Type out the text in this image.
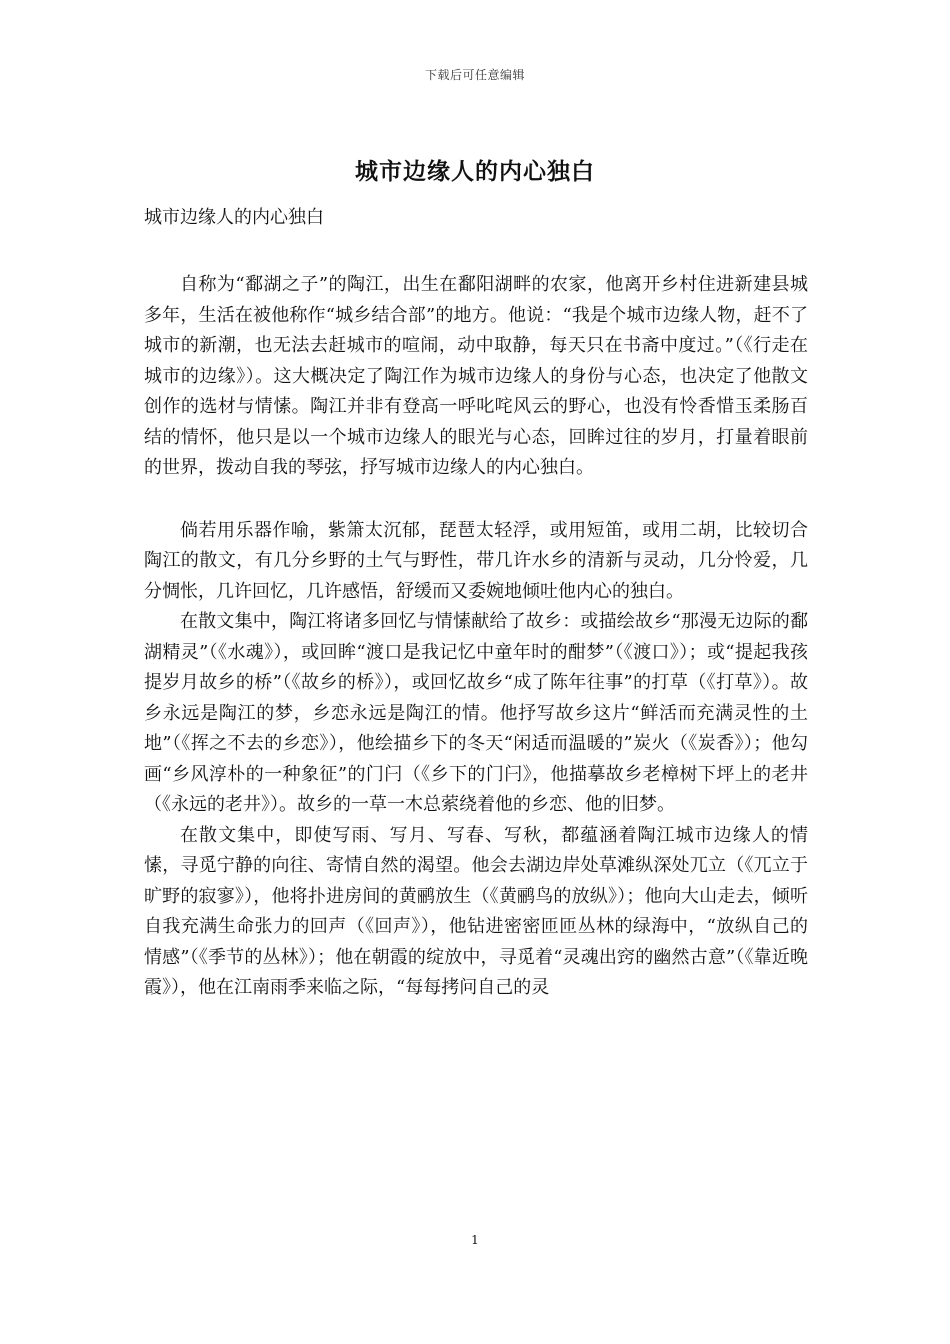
下载后可任意编辑
城市边缘人的内心独白

城市边缘人的内心独白

自称为“鄱湖之子”的陶江，出生在鄱阳湖畔的农家，他离开乡村住进新建县城多年，生活在被他称作“城乡结合部”的地方。他说：“我是个城市边缘人物，赶不了城市的新潮，也无法去赶城市的喧闹，动中取静，每天只在书斋中度过。”（《行走在城市的边缘》）。这大概决定了陶江作为城市边缘人的身份与心态，也决定了他散文创作的选材与情愫。陶江并非有登高一呼叱咤风云的野心，也没有怜香惜玉柔肠百结的情怀，他只是以一个城市边缘人的眼光与心态，回眸过往的岁月，打量着眼前的世界，拨动自我的琴弦，抒写城市边缘人的内心独白。

倘若用乐器作喻，紫箫太沉郁，琵琶太轻浮，或用短笛，或用二胡，比较切合陶江的散文，有几分乡野的土气与野性，带几许水乡的清新与灵动，几分怜爱，几分惆怅，几许回忆，几许感悟，舒缓而又委婉地倾吐他内心的独白。

在散文集中，陶江将诸多回忆与情愫献给了故乡：或描绘故乡“那漫无边际的鄱湖精灵”（《水魂》），或回眸“渡口是我记忆中童年时的酣梦”（《渡口》）；或“提起我孩提岁月故乡的桥”（《故乡的桥》），或回忆故乡“成了陈年往事”的打草（《打草》）。故乡永远是陶江的梦，乡恋永远是陶江的情。他抒写故乡这片“鲜活而充满灵性的土地”（《挥之不去的乡恋》），他绘描乡下的冬天“闲适而温暖的”炭火（《炭香》）；他勾画“乡风淳朴的一种象征”的门闩（《乡下的门闩》，他描摹故乡老樟树下坪上的老井（《永远的老井》）。故乡的一草一木总萦绕着他的乡恋、他的旧梦。

在散文集中，即使写雨、写月、写春、写秋，都蕴涵着陶江城市边缘人的情愫，寻觅宁静的向往、寄情自然的渴望。他会去湖边岸处草滩纵深处兀立（《兀立于旷野的寂寥》），他将扑进房间的黄鹂放生（《黄鹂鸟的放纵》）；他向大山走去，倾听自我充满生命张力的回声（《回声》），他钻进密密匝匝丛林的绿海中，“放纵自己的情感”（《季节的丛林》）；他在朝霞的绽放中，寻觅着“灵魂出窍的幽然古意”（《靠近晚霞》），他在江南雨季来临之际，“每每拷问自己的灵

1
